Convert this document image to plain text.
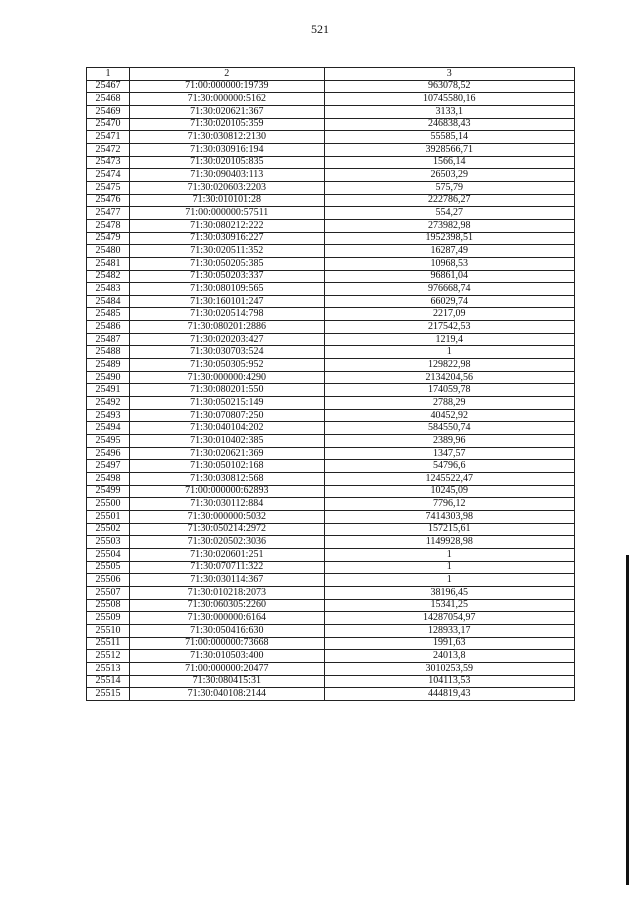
521
1	2	3
25467	71:00:000000:19739	963078,52
25468	71:30:000000:5162	10745580,16
25469	71:30:020621:367	3133,1
25470	71:30:020105:359	246838,43
25471	71:30:030812:2130	55585,14
25472	71:30:030916:194	3928566,71
25473	71:30:020105:835	1566,14
25474	71:30:090403:113	26503,29
25475	71:30:020603:2203	575,79
25476	71:30:010101:28	222786,27
25477	71:00:000000:57511	554,27
25478	71:30:080212:222	273982,98
25479	71:30:030916:227	1952398,51
25480	71:30:020511:352	16287,49
25481	71:30:050205:385	10968,53
25482	71:30:050203:337	96861,04
25483	71:30:080109:565	976668,74
25484	71:30:160101:247	66029,74
25485	71:30:020514:798	2217,09
25486	71:30:080201:2886	217542,53
25487	71:30:020203:427	1219,4
25488	71:30:030703:524	1
25489	71:30:050305:952	129822,98
25490	71:30:000000:4290	2134204,56
25491	71:30:080201:550	174059,78
25492	71:30:050215:149	2788,29
25493	71:30:070807:250	40452,92
25494	71:30:040104:202	584550,74
25495	71:30:010402:385	2389,96
25496	71:30:020621:369	1347,57
25497	71:30:050102:168	54796,6
25498	71:30:030812:568	1245522,47
25499	71:00:000000:62893	10245,09
25500	71:30:030112:884	7796,12
25501	71:30:000000:5032	7414303,98
25502	71:30:050214:2972	157215,61
25503	71:30:020502:3036	1149928,98
25504	71:30:020601:251	1
25505	71:30:070711:322	1
25506	71:30:030114:367	1
25507	71:30:010218:2073	38196,45
25508	71:30:060305:2260	15341,25
25509	71:30:000000:6164	14287054,97
25510	71:30:050416:630	128933,17
25511	71:00:000000:73668	1991,63
25512	71:30:010503:400	24013,8
25513	71:00:000000:20477	3010253,59
25514	71:30:080415:31	104113,53
25515	71:30:040108:2144	444819,43
